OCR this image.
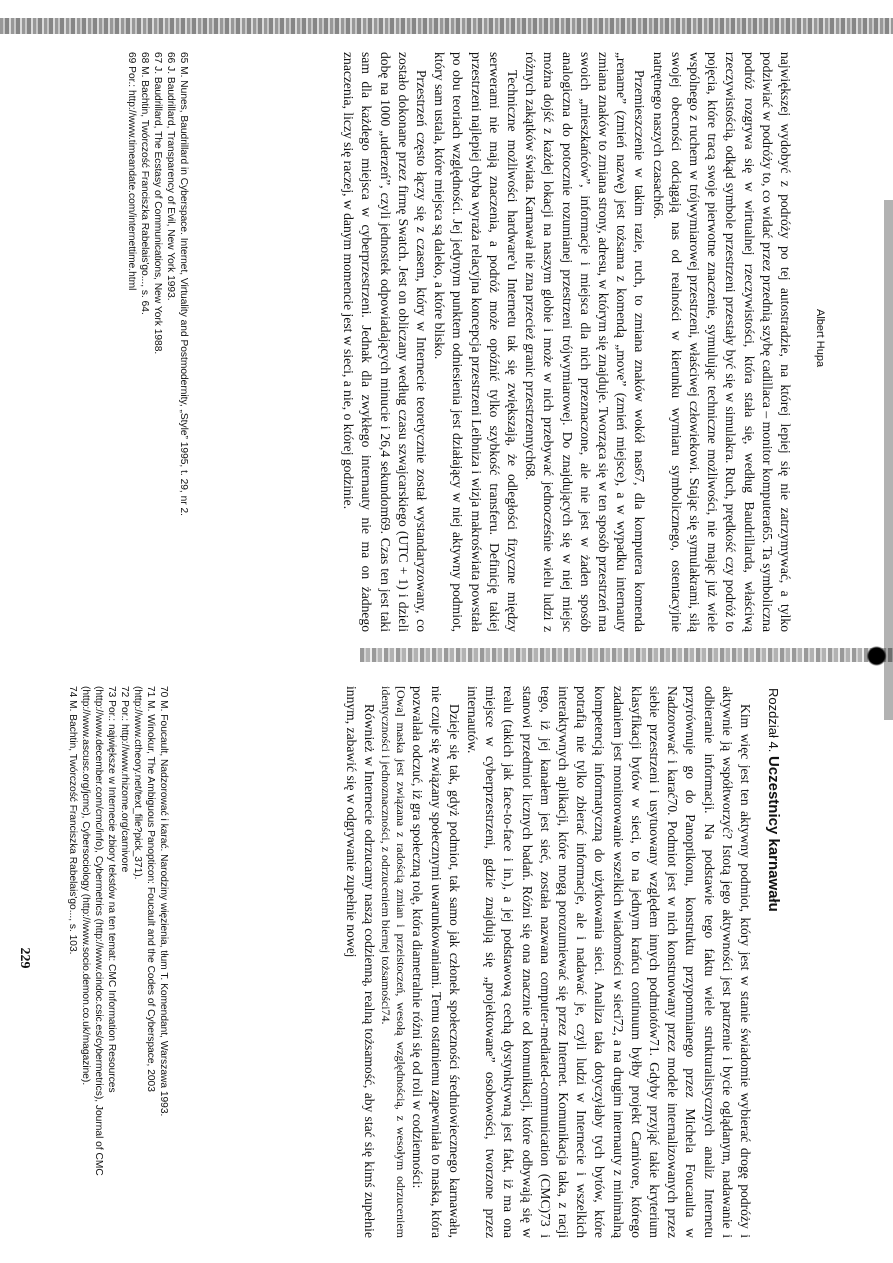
Albert Hupa

największej wydobyć z podróży po tej autostradzie, na której lepiej się nie zatrzymywać, a tylko podziwiać w podróży to, co widać przez przednią szybę cadillaca – monitor komputera65. Ta symboliczna podróż rozgrywa się w wirtualnej rzeczywistości, która stała się, według Baudrillarda, właściwą rzeczywistością, odkąd symbole przestrzeni przestały być się w simulakra. Ruch, prędkość czy podróż to pojęcia, które tracą swoje pierwotne znaczenie, symulując techniczne możliwości, nie mając już wiele wspólnego z ruchem w trójwymiarowej przestrzeni, właściwej człowiekowi. Stając się symulakrami, siłą swojej obecności odciągają nas od realności w kierunku wymiaru symbolicznego, ostentacyjnie natrętnego naszych czasach66.

Przemieszczenie w takim razie, ruch, to zmiana znaków wokół nas67, dla komputera komenda „rename” (zmień nazwę) jest tożsama z komendą „move” (zmień miejsce), a w wypadku internauty zmiana znaków to zmiana strony, adresu, w którym się znajduje. Tworząca się w ten sposób przestrzeń ma swoich „mieszkańców”, informacje i miejsca dla nich przeznaczone, ale nie jest w żaden sposób analogiczna do potocznie rozumianej przestrzeni trójwymiarowej. Do znajdujących się w niej miejsc można dojść z każdej lokacji na naszym globie i może w nich przebywać jednocześnie wielu ludzi z różnych zakątków świata. Karnawał nie zna przecież granic przestrzennych68.

Techniczne możliwości hardware'u Internetu tak się zwiększają, że odległości fizyczne między serwerami nie mają znaczenia, a podróż może opóźnić tylko szybkość transferu. Definicję takiej przestrzeni najlepiej chyba wyraża relacyjna koncepcja przestrzeni Leibniza i wizja makroświata powstała po obu teoriach względności. Jej jedynym punktem odniesienia jest działający w niej aktywny podmiot, który sam ustala, które miejsca są daleko, a które blisko.

Przestrzeń często łączy się z czasem, który w Internecie teoretycznie został wystandaryzowany, co zostało dokonane przez firmę Swatch. Jest on obliczany według czasu szwajcarskiego (UTC + 1) i dzieli dobę na 1000 „uderzeń”, czyli jednostek odpowiadających minucie i 26,4 sekundom69. Czas ten jest taki sam dla każdego miejsca w cyberprzestrzeni. Jednak dla zwykłego internauty nie ma on żadnego znaczenia, liczy się raczej, w danym momencie jest w sieci, a nie, o której godzinie.

65 M. Nunes, Baudrillard in Cyberspace. Internet, Virtuality and Postmodernity, „Style” 1995, t. 29, nr 2.

66 J. Baudrillard, Transparency of Evil, New York 1993.

67 J. Baudrillard, The Ecstasy of Communications, New York 1988.

68 M. Bachtin, Twórczość Franciszka Rabelais'go..., s. 64.

69 Por.: http://www.timeandate.com/internettime.html

Rozdział 4. Uczestnicy karnawału

Kim więc jest ten aktywny podmiot, który jest w stanie świadomie wybierać drogę podróży i aktywnie ją współtworzyć? Istotą jego aktywności jest patrzenie i bycie oglądanym, nadawanie i odbieranie informacji. Na podstawie tego faktu wiele strukturalistycznych analiz Internetu przyrównuje go do Panoptikonu, konstruktu przypomnianego przez Michela Foucaulta w Nadzorować i karać70. Podmiot jest w nich konstruowany przez modele internalizowanych przez siebie przestrzeni i usytuowany względem innych podmiotów71. Gdyby przyjąć takie kryterium klasyfikacji bytów w sieci, to na jednym krańcu continuum byłby projekt Carnivore, którego zadaniem jest monitorowanie wszelkich wiadomości w sieci72, a na drugim internauty z minimalną kompetencją informatyczną do użytkowania sieci. Analiza taka dotyczyłaby tych bytów, które potrafią nie tylko zbierać informacje, ale i nadawać je, czyli ludzi w Internecie i wszelkich interaktywnych aplikacji, które mogą porozumiewać się przez Internet. Komunikacja taka, z racji tego, iż jej kanałem jest sieć, została nazwana computer-mediated-communication (CMC)73 i stanowi przedmiot licznych badań. Różni się ona znacznie od komunikacji, które odbywają się w realu (takich jak face-to-face i in.), a jej podstawową cechą dystynktywną jest fakt, iż ma ona miejsce w cyberprzestrzeni, gdzie znajdują się „projektowane” osobowości, tworzone przez internautów.

Dzieje się tak, gdyż podmiot, tak samo jak członek społeczności średniowiecznego karnawału, nie czuje się związany społecznymi uwarunkowaniami. Temu ostatniemu zapewniała to maska, która pozwalała odczuć, iż gra społeczną rolę, która diametralnie różni się od roli w codzienności:

[Owa] maska jest związana z radością zmian i przeistoczeń, wesołą względnością, z wesołym odrzuceniem identyczności i jednoznaczności, z odrzuceniem biernej tożsamości74.

Również w Internecie odrzucamy naszą codzienną, realną tożsamość, aby stać się kimś zupełnie innym, zabawić się w odgrywanie zupełnie nowej

70 M. Foucault, Nadzorować i karać. Narodziny więzienia, tłum T. Komendant, Warszawa 1993.

71 M. Winokur, The Ambiguous Panopticon: Foucault and the Codes of Cyberspace, 2003 (http://www.ctheory.net/text_file?pick_371).

72 Por.: http://www.rhizome.org/carnivore

73 Por.: największe w Internecie zbiory tekstów na ten temat: CMC Information Resources (http://www.december.com/cmc/info), Cybermetrics (http://www.cindoc.csic.es/cybermetrics), Journal of CMC (http://www.ascusc.org/jcmc), Cybersociology (http://www.socio.demon.co.uk/magazine).

74 M. Bachtin, Twórczość Franciszka Rabelais'go..., s. 103.

229
